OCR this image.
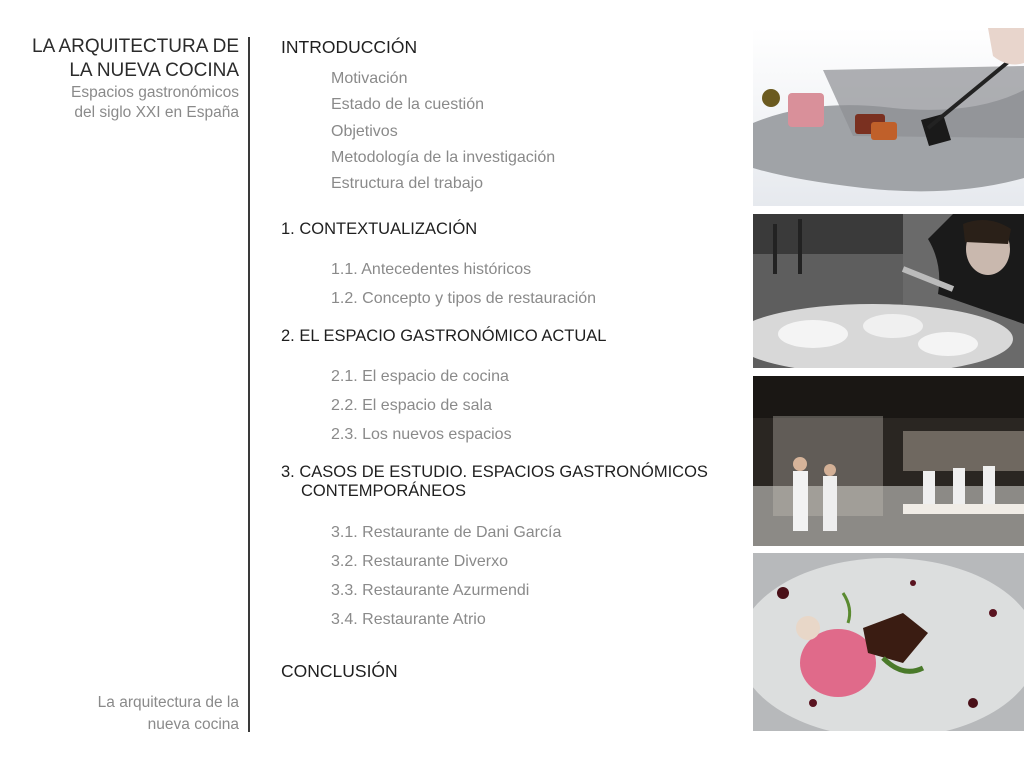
LA ARQUITECTURA DE
LA NUEVA COCINA
Espacios gastronómicos
del siglo XXI en España
La arquitectura de la
nueva cocina
INTRODUCCIÓN
Motivación
Estado de la cuestión
Objetivos
Metodología de la investigación
Estructura del trabajo
1. CONTEXTUALIZACIÓN
1.1. Antecedentes históricos
1.2. Concepto y tipos de restauración
2. EL ESPACIO GASTRONÓMICO ACTUAL
2.1. El espacio de cocina
2.2. El espacio de sala
2.3. Los nuevos espacios
3. CASOS DE ESTUDIO. ESPACIOS GASTRONÓMICOS
CONTEMPORÁNEOS
3.1. Restaurante de Dani García
3.2. Restaurante Diverxo
3.3. Restaurante Azurmendi
3.4. Restaurante Atrio
CONCLUSIÓN
